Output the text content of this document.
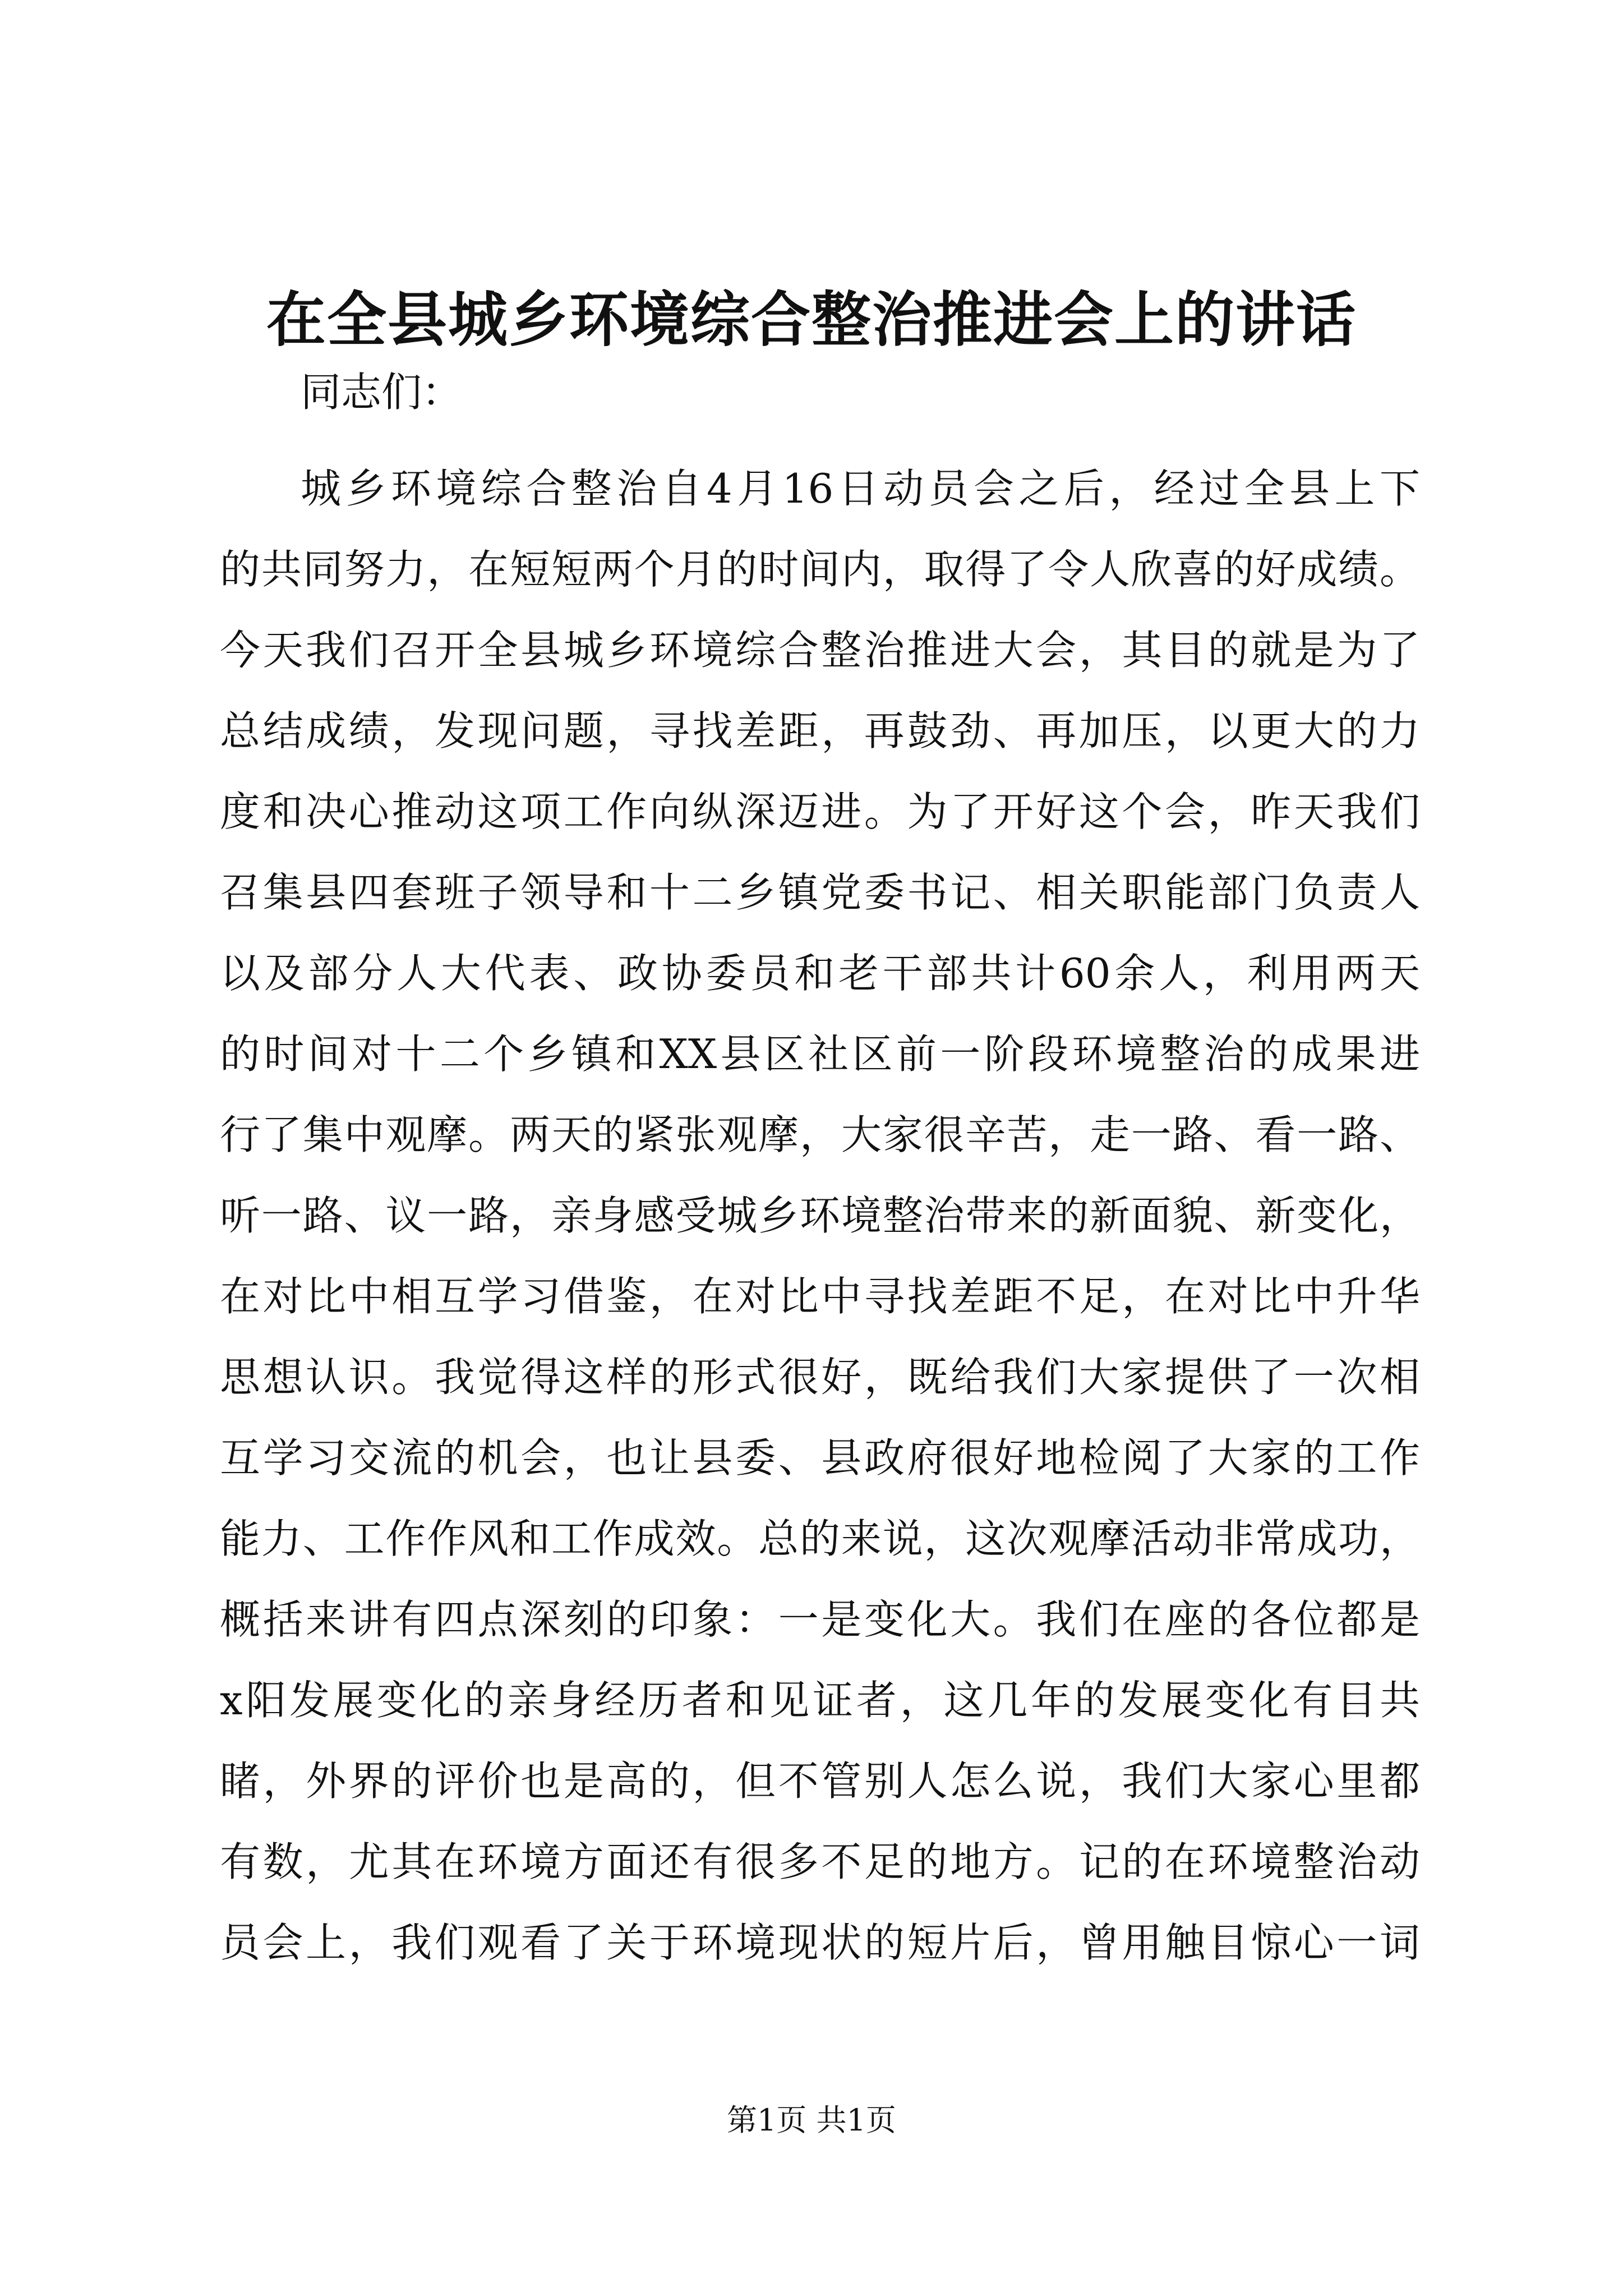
在全县城乡环境综合整治推进会上的讲话
同志们：
城乡环境综合整治自4月16日动员会之后，经过全县上下
的共同努力，在短短两个月的时间内，取得了令人欣喜的好成绩。
今天我们召开全县城乡环境综合整治推进大会，其目的就是为了
总结成绩，发现问题，寻找差距，再鼓劲、再加压，以更大的力
度和决心推动这项工作向纵深迈进。为了开好这个会，昨天我们
召集县四套班子领导和十二乡镇党委书记、相关职能部门负责人
以及部分人大代表、政协委员和老干部共计60余人，利用两天
的时间对十二个乡镇和XX县区社区前一阶段环境整治的成果进
行了集中观摩。两天的紧张观摩，大家很辛苦，走一路、看一路、
听一路、议一路，亲身感受城乡环境整治带来的新面貌、新变化，
在对比中相互学习借鉴，在对比中寻找差距不足，在对比中升华
思想认识。我觉得这样的形式很好，既给我们大家提供了一次相
互学习交流的机会，也让县委、县政府很好地检阅了大家的工作
能力、工作作风和工作成效。总的来说，这次观摩活动非常成功，
概括来讲有四点深刻的印象：一是变化大。我们在座的各位都是
x阳发展变化的亲身经历者和见证者，这几年的发展变化有目共
睹，外界的评价也是高的，但不管别人怎么说，我们大家心里都
有数，尤其在环境方面还有很多不足的地方。记的在环境整治动
员会上，我们观看了关于环境现状的短片后，曾用触目惊心一词
第1页 共1页
